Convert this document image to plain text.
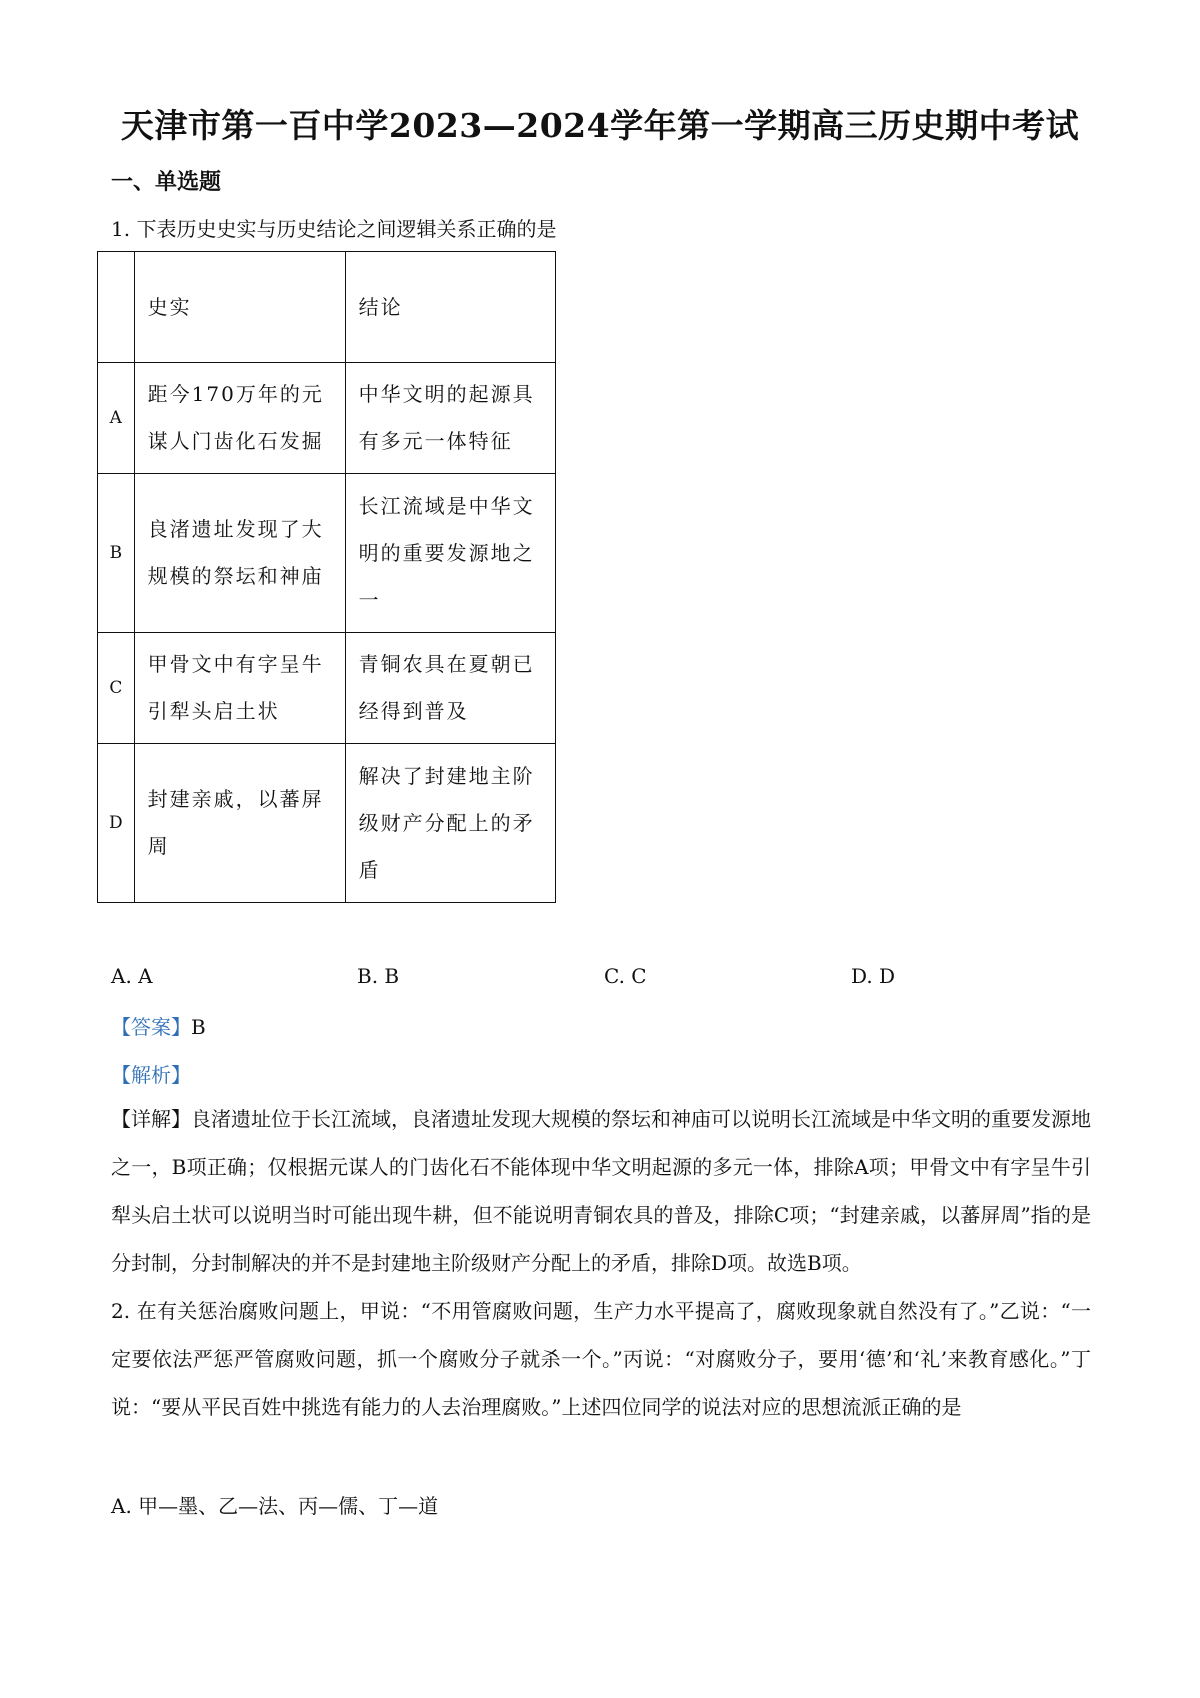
天津市第一百中学2023—2024学年第一学期高三历史期中考试
一、单选题
1. 下表历史史实与历史结论之间逻辑关系正确的是
	史实	结论
A	距今170万年的元谋人门齿化石发掘	中华文明的起源具有多元一体特征
B	良渚遗址发现了大规模的祭坛和神庙	长江流域是中华文明的重要发源地之一
C	甲骨文中有字呈牛引犁头启土状	青铜农具在夏朝已经得到普及
D	封建亲戚，以蕃屏周	解决了封建地主阶级财产分配上的矛盾
A. A	B. B	C. C	D. D
【答案】B
【解析】
【详解】良渚遗址位于长江流域，良渚遗址发现大规模的祭坛和神庙可以说明长江流域是中华文明的重要发源地之一，B项正确；仅根据元谋人的门齿化石不能体现中华文明起源的多元一体，排除A项；甲骨文中有字呈牛引犁头启土状可以说明当时可能出现牛耕，但不能说明青铜农具的普及，排除C项；“封建亲戚，以蕃屏周”指的是分封制，分封制解决的并不是封建地主阶级财产分配上的矛盾，排除D项。故选B项。
2. 在有关惩治腐败问题上，甲说：“不用管腐败问题，生产力水平提高了，腐败现象就自然没有了。”乙说：“一定要依法严惩严管腐败问题，抓一个腐败分子就杀一个。”丙说：“对腐败分子，要用‘德’和‘礼’来教育感化。”丁说：“要从平民百姓中挑选有能力的人去治理腐败。”上述四位同学的说法对应的思想流派正确的是
A. 甲—墨、乙—法、丙—儒、丁—道
